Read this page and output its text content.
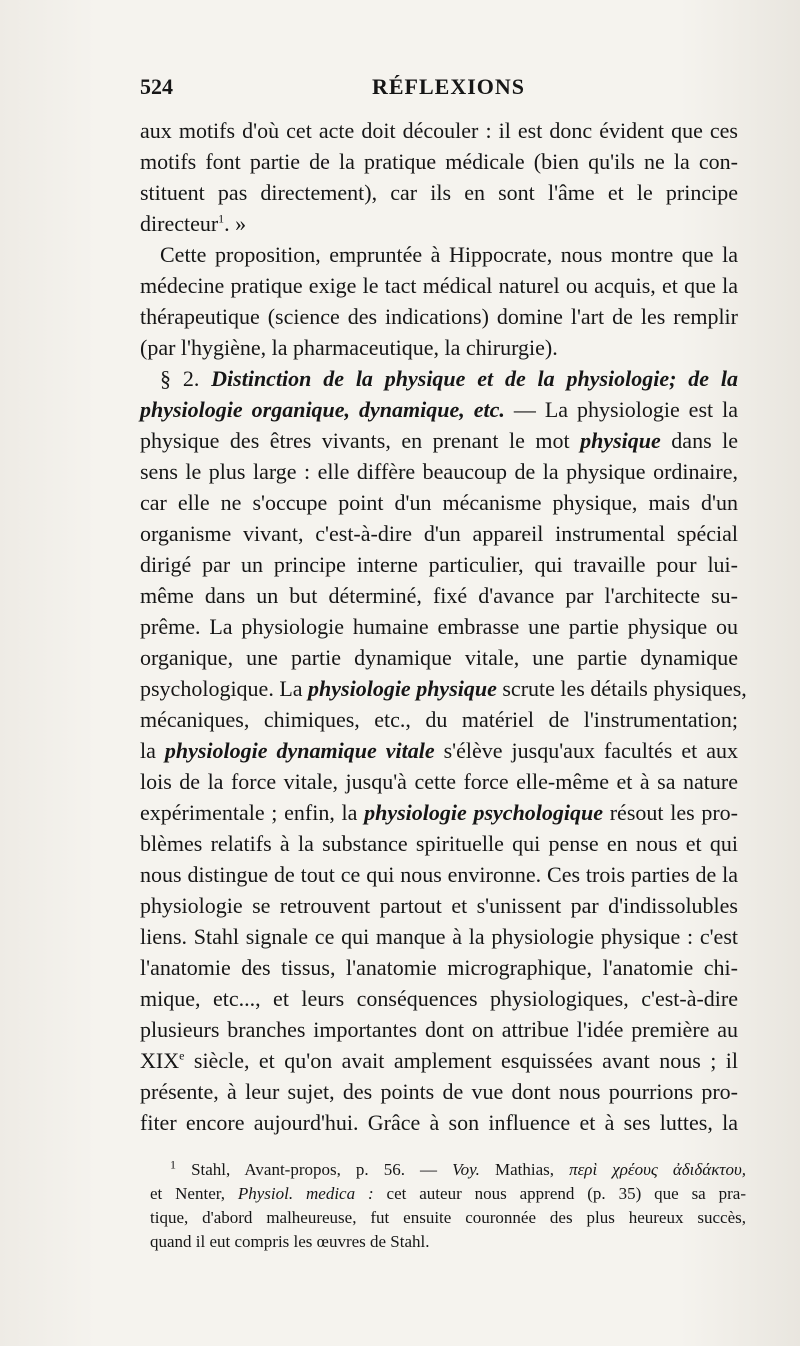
524	RÉFLEXIONS
aux motifs d'où cet acte doit découler : il est donc évident que ces
motifs font partie de la pratique médicale (bien qu'ils ne la con-
stituent pas directement), car ils en sont l'âme et le principe
directeur$^1$. »
Cette proposition, empruntée à Hippocrate, nous montre que la
médecine pratique exige le tact médical naturel ou acquis, et que la
thérapeutique (science des indications) domine l'art de les remplir
(par l'hygiène, la pharmaceutique, la chirurgie).
§ 2. Distinction de la physique et de la physiologie; de la
physiologie organique, dynamique, etc. — La physiologie est la
physique des êtres vivants, en prenant le mot physique dans le
sens le plus large : elle diffère beaucoup de la physique ordinaire,
car elle ne s'occupe point d'un mécanisme physique, mais d'un
organisme vivant, c'est-à-dire d'un appareil instrumental spécial
dirigé par un principe interne particulier, qui travaille pour lui-
même dans un but déterminé, fixé d'avance par l'architecte su-
prême. La physiologie humaine embrasse une partie physique ou
organique, une partie dynamique vitale, une partie dynamique
psychologique. La physiologie physique scrute les détails physiques,
mécaniques, chimiques, etc., du matériel de l'instrumentation;
la physiologie dynamique vitale s'élève jusqu'aux facultés et aux
lois de la force vitale, jusqu'à cette force elle-même et à sa nature
expérimentale ; enfin, la physiologie psychologique résout les pro-
blèmes relatifs à la substance spirituelle qui pense en nous et qui
nous distingue de tout ce qui nous environne. Ces trois parties de la
physiologie se retrouvent partout et s'unissent par d'indissolubles
liens. Stahl signale ce qui manque à la physiologie physique : c'est
l'anatomie des tissus, l'anatomie micrographique, l'anatomie chi-
mique, etc..., et leurs conséquences physiologiques, c'est-à-dire
plusieurs branches importantes dont on attribue l'idée première au
XIXe siècle, et qu'on avait amplement esquissées avant nous ; il
présente, à leur sujet, des points de vue dont nous pourrions pro-
fiter encore aujourd'hui. Grâce à son influence et à ses luttes, la
$^1$ Stahl, Avant-propos, p. 56. — Voy. Mathias, περὶ χρέους ἀδιδάκτου,
et Nenter, Physiol. medica : cet auteur nous apprend (p. 35) que sa pra-
tique, d'abord malheureuse, fut ensuite couronnée des plus heureux succès,
quand il eut compris les œuvres de Stahl.
